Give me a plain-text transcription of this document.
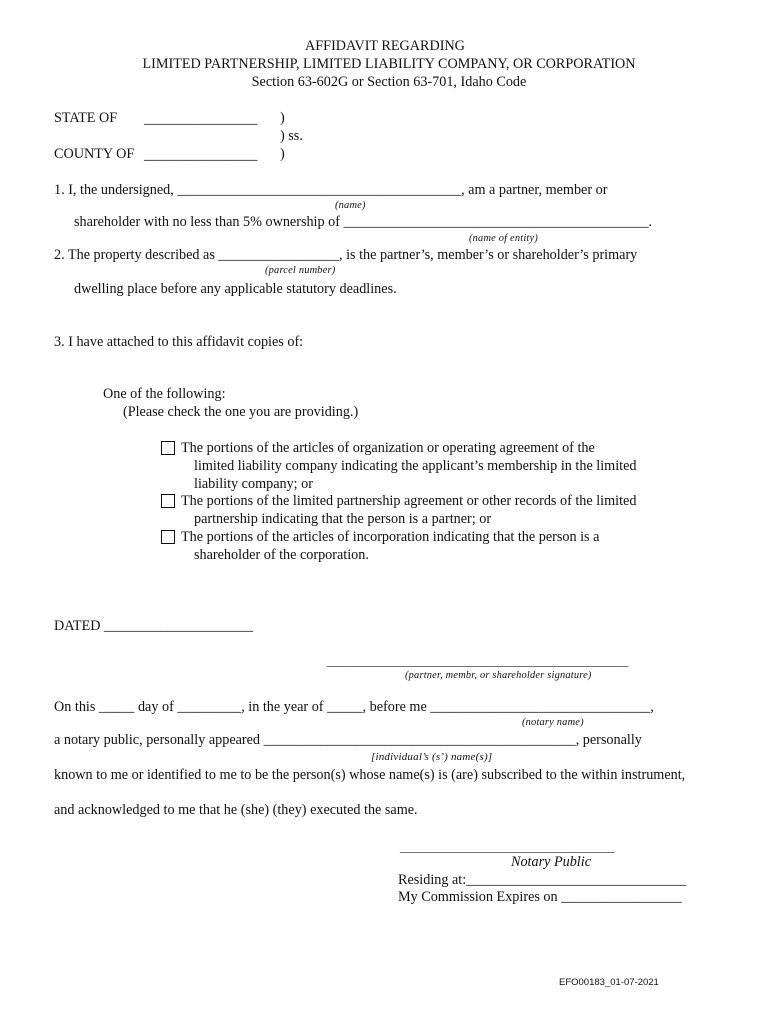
AFFIDAVIT REGARDING
LIMITED PARTNERSHIP, LIMITED LIABILITY COMPANY, OR CORPORATION
Section 63-602G or Section 63-701, Idaho Code
STATE OF ________________ )
) ss.
COUNTY OF ________________ )
1. I, the undersigned, ________________________________________, am a partner, member or
(name)
shareholder with no less than 5% ownership of ___________________________________________.
(name of entity)
2. The property described as _________________, is the partner’s, member’s or shareholder’s primary
(parcel number)
dwelling place before any applicable statutory deadlines.
3. I have attached to this affidavit copies of:
One of the following:
(Please check the one you are providing.)
The portions of the articles of organization or operating agreement of the
limited liability company indicating the applicant’s membership in the limited
liability company; or
The portions of the limited partnership agreement or other records of the limited
partnership indicating that the person is a partner; or
The portions of the articles of incorporation indicating that the person is a
shareholder of the corporation.
DATED _____________________
____________________________________________________
(partner, membr, or shareholder signature)
On this _____ day of _________, in the year of _____, before me _______________________________,
(notary name)
a notary public, personally appeared ____________________________________________, personally
[individual’s (s’) name(s)]
known to me or identified to me to be the person(s) whose name(s) is (are) subscribed to the within instrument,
and acknowledged to me that he (she) (they) executed the same.
_____________________________________
Notary Public
Residing at:_______________________________
My Commission Expires on _________________
EFO00183_01-07-2021
